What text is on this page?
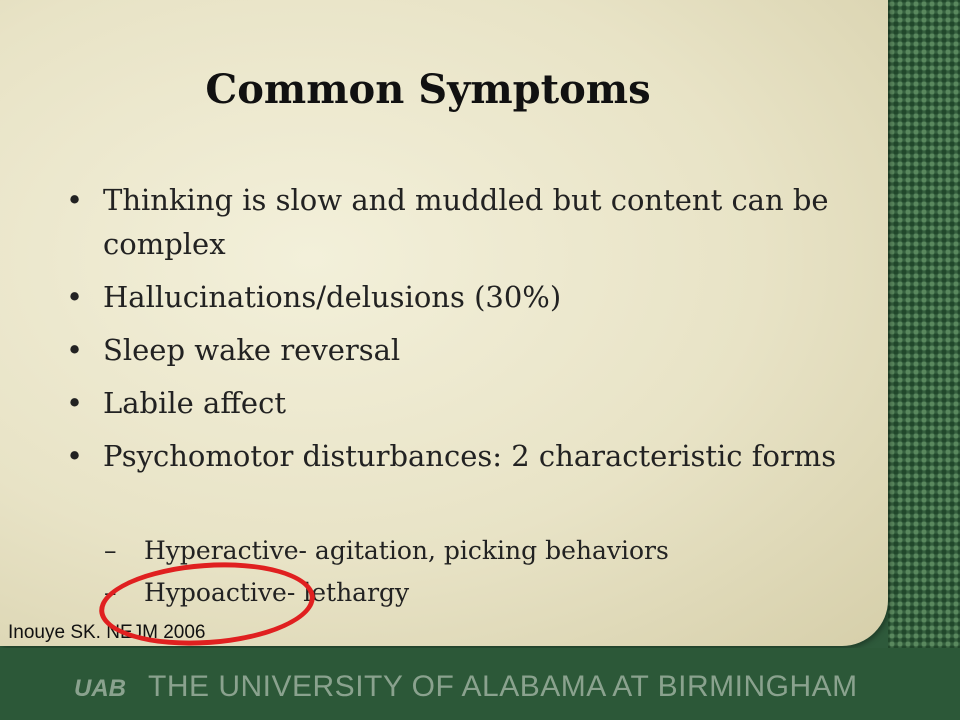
Common Symptoms
• Thinking is slow and muddled but content can be complex
• Hallucinations/delusions (30%)
• Sleep wake reversal
• Labile affect
• Psychomotor disturbances: 2 characteristic forms
– Hyperactive- agitation, picking behaviors
– Hypoactive- lethargy
Inouye SK. NEJM 2006
UAB THE UNIVERSITY OF ALABAMA AT BIRMINGHAM
